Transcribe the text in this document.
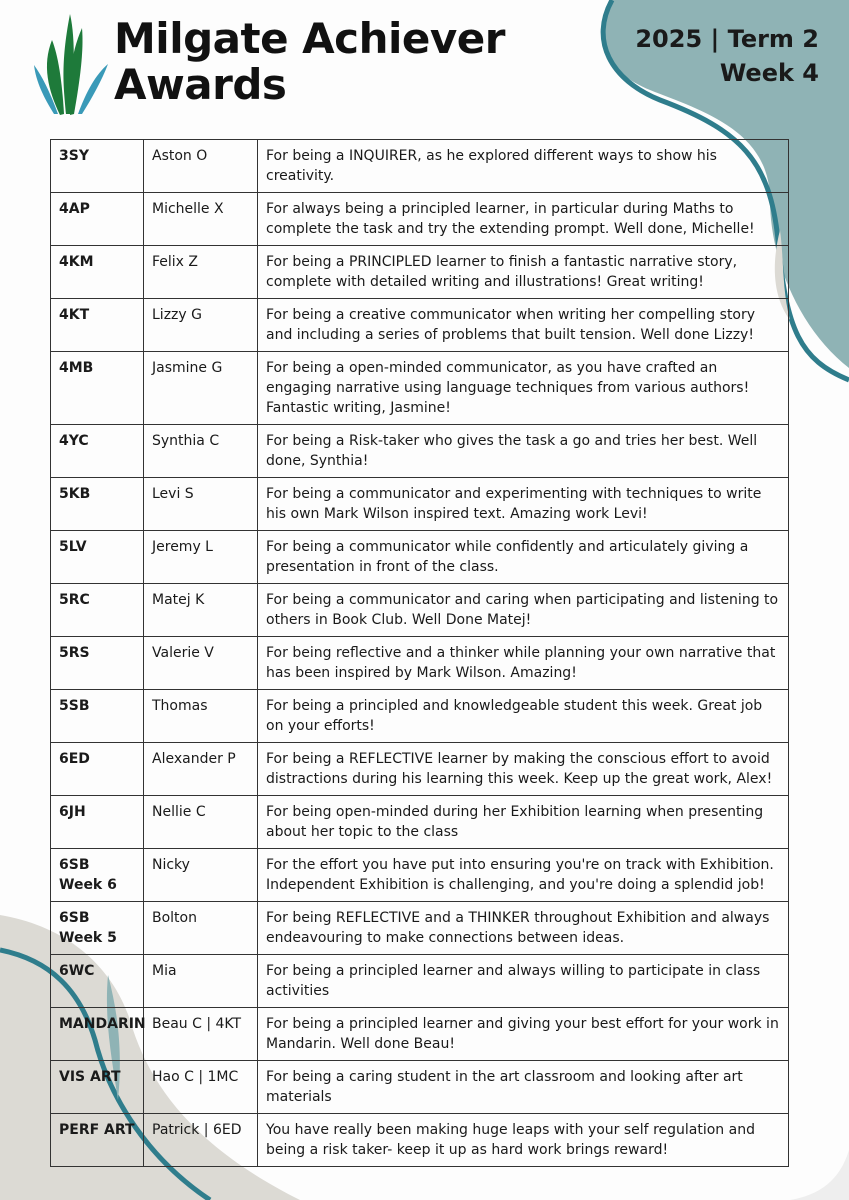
Milgate Achiever
Awards
2025 | Term 2
Week 4
3SY	Aston O	For being a INQUIRER, as he explored different ways to show his creativity.
4AP	Michelle X	For always being a principled learner, in particular during Maths to complete the task and try the extending prompt. Well done, Michelle!
4KM	Felix Z	For being a PRINCIPLED learner to finish a fantastic narrative story, complete with detailed writing and illustrations! Great writing!
4KT	Lizzy G	For being a creative communicator when writing her compelling story and including a series of problems that built tension. Well done Lizzy!
4MB	Jasmine G	For being a open-minded communicator, as you have crafted an engaging narrative using language techniques from various authors! Fantastic writing, Jasmine!
4YC	Synthia C	For being a Risk-taker who gives the task a go and tries her best. Well done, Synthia!
5KB	Levi S	For being a communicator and experimenting with techniques to write his own Mark Wilson inspired text. Amazing work Levi!
5LV	Jeremy L	For being a communicator while confidently and articulately giving a presentation in front of the class.
5RC	Matej K	For being a communicator and caring when participating and listening to others in Book Club. Well Done Matej!
5RS	Valerie V	For being reflective and a thinker while planning your own narrative that has been inspired by Mark Wilson. Amazing!
5SB	Thomas	For being a principled and knowledgeable student this week. Great job on your efforts!
6ED	Alexander P	For being a REFLECTIVE learner by making the conscious effort to avoid distractions during his learning this week. Keep up the great work, Alex!
6JH	Nellie C	For being open-minded during her Exhibition learning when presenting about her topic to the class
6SB Week 6	Nicky	For the effort you have put into ensuring you're on track with Exhibition. Independent Exhibition is challenging, and you're doing a splendid job!
6SB Week 5	Bolton	For being REFLECTIVE and a THINKER throughout Exhibition and always endeavouring to make connections between ideas.
6WC	Mia	For being a principled learner and always willing to participate in class activities
MANDARIN	Beau C | 4KT	For being a principled learner and giving your best effort for your work in Mandarin. Well done Beau!
VIS ART	Hao C | 1MC	For being a caring student in the art classroom and looking after art materials
PERF ART	Patrick | 6ED	You have really been making huge leaps with your self regulation and being a risk taker- keep it up as hard work brings reward!
